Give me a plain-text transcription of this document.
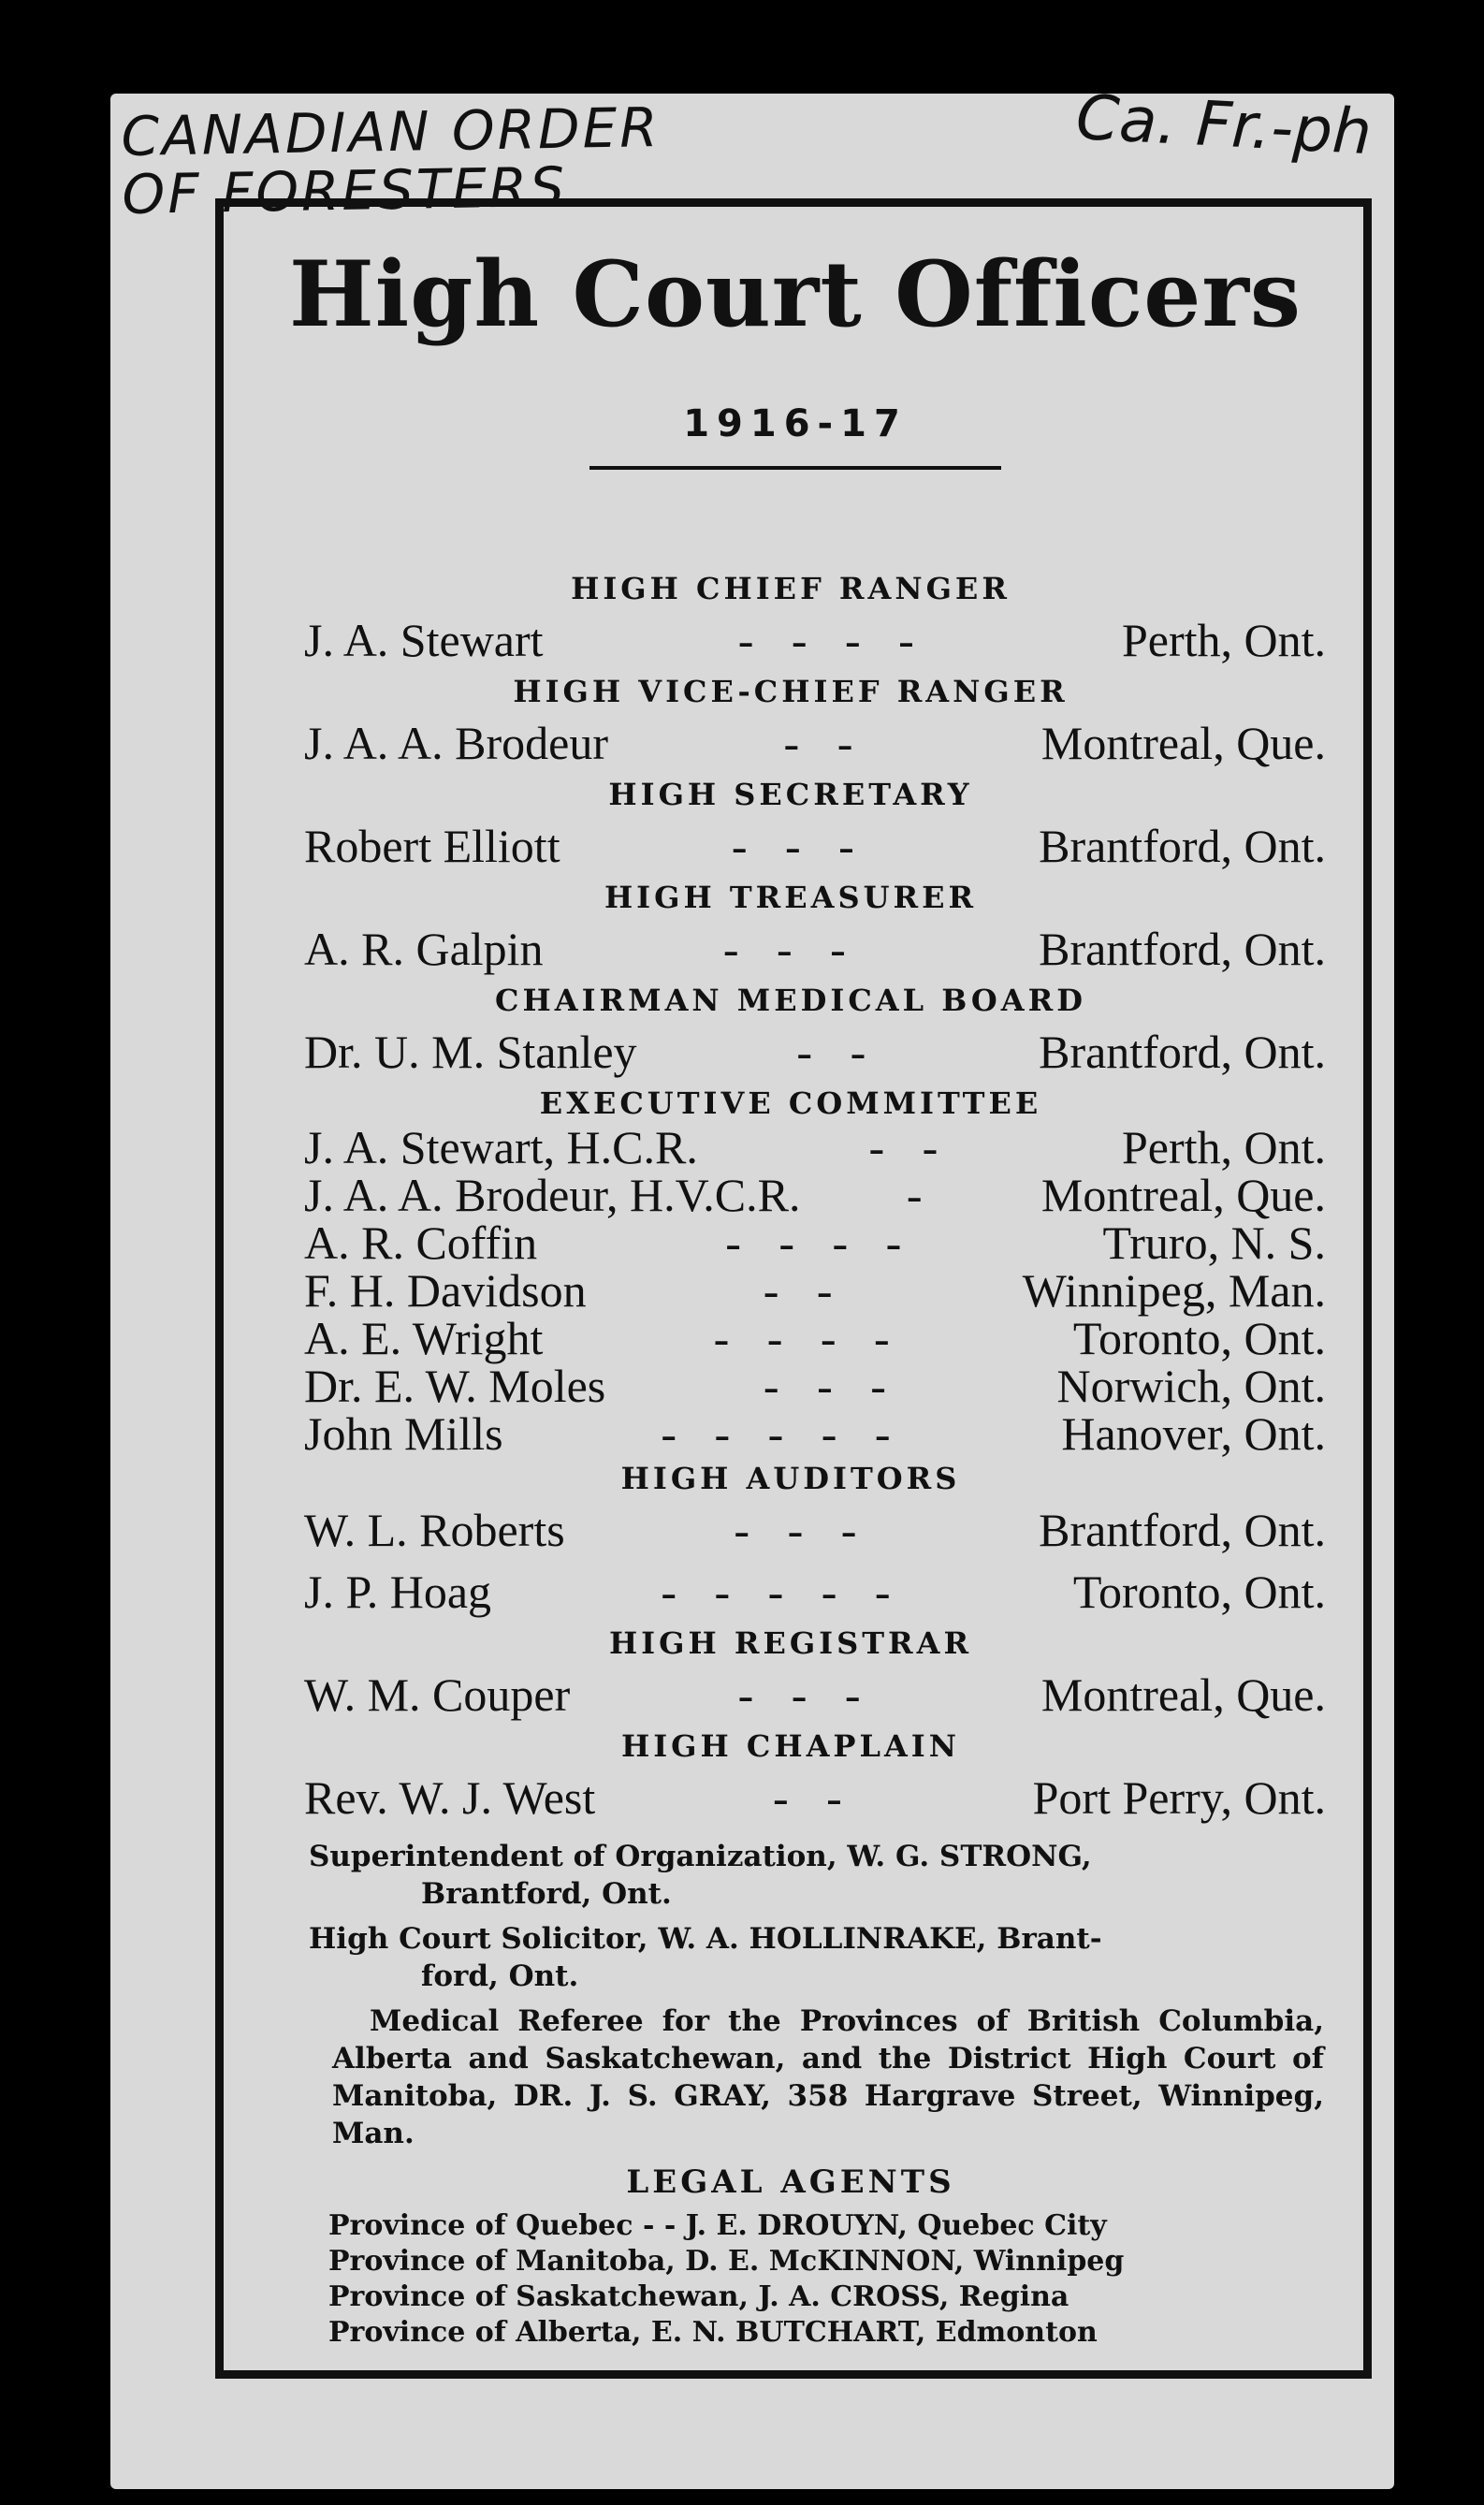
CANADIAN ORDER
OF FORESTERS
Ca. Fr.-ph
High Court Officers
1916-17
HIGH CHIEF RANGER
J. A. Stewart	- - - -	Perth, Ont.
HIGH VICE-CHIEF RANGER
J. A. A. Brodeur	- -	Montreal, Que.
HIGH SECRETARY
Robert Elliott	- - -	Brantford, Ont.
HIGH TREASURER
A. R. Galpin	- - -	Brantford, Ont.
CHAIRMAN MEDICAL BOARD
Dr. U. M. Stanley	- -	Brantford, Ont.
EXECUTIVE COMMITTEE
J. A. Stewart, H.C.R.	- -	Perth, Ont.
J. A. A. Brodeur, H.V.C.R.	-	Montreal, Que.
A. R. Coffin	- - - -	Truro, N. S.
F. H. Davidson	- -	Winnipeg, Man.
A. E. Wright	- - - -	Toronto, Ont.
Dr. E. W. Moles	- - -	Norwich, Ont.
John Mills	- - - - -	Hanover, Ont.
HIGH AUDITORS
W. L. Roberts	- - -	Brantford, Ont.
J. P. Hoag	- - - - -	Toronto, Ont.
HIGH REGISTRAR
W. M. Couper	- - -	Montreal, Que.
HIGH CHAPLAIN
Rev. W. J. West	- -	Port Perry, Ont.
Superintendent of Organization, W. G. STRONG,
Brantford, Ont.
High Court Solicitor, W. A. HOLLINRAKE, Brant-
ford, Ont.
Medical Referee for the Provinces of British Columbia, Alberta and Saskatchewan, and the District High Court of Manitoba, DR. J. S. GRAY, 358 Hargrave Street, Winnipeg, Man.
LEGAL AGENTS
Province of Quebec - - J. E. DROUYN, Quebec City
Province of Manitoba, D. E. McKINNON, Winnipeg
Province of Saskatchewan, J. A. CROSS, Regina
Province of Alberta, E. N. BUTCHART, Edmonton
